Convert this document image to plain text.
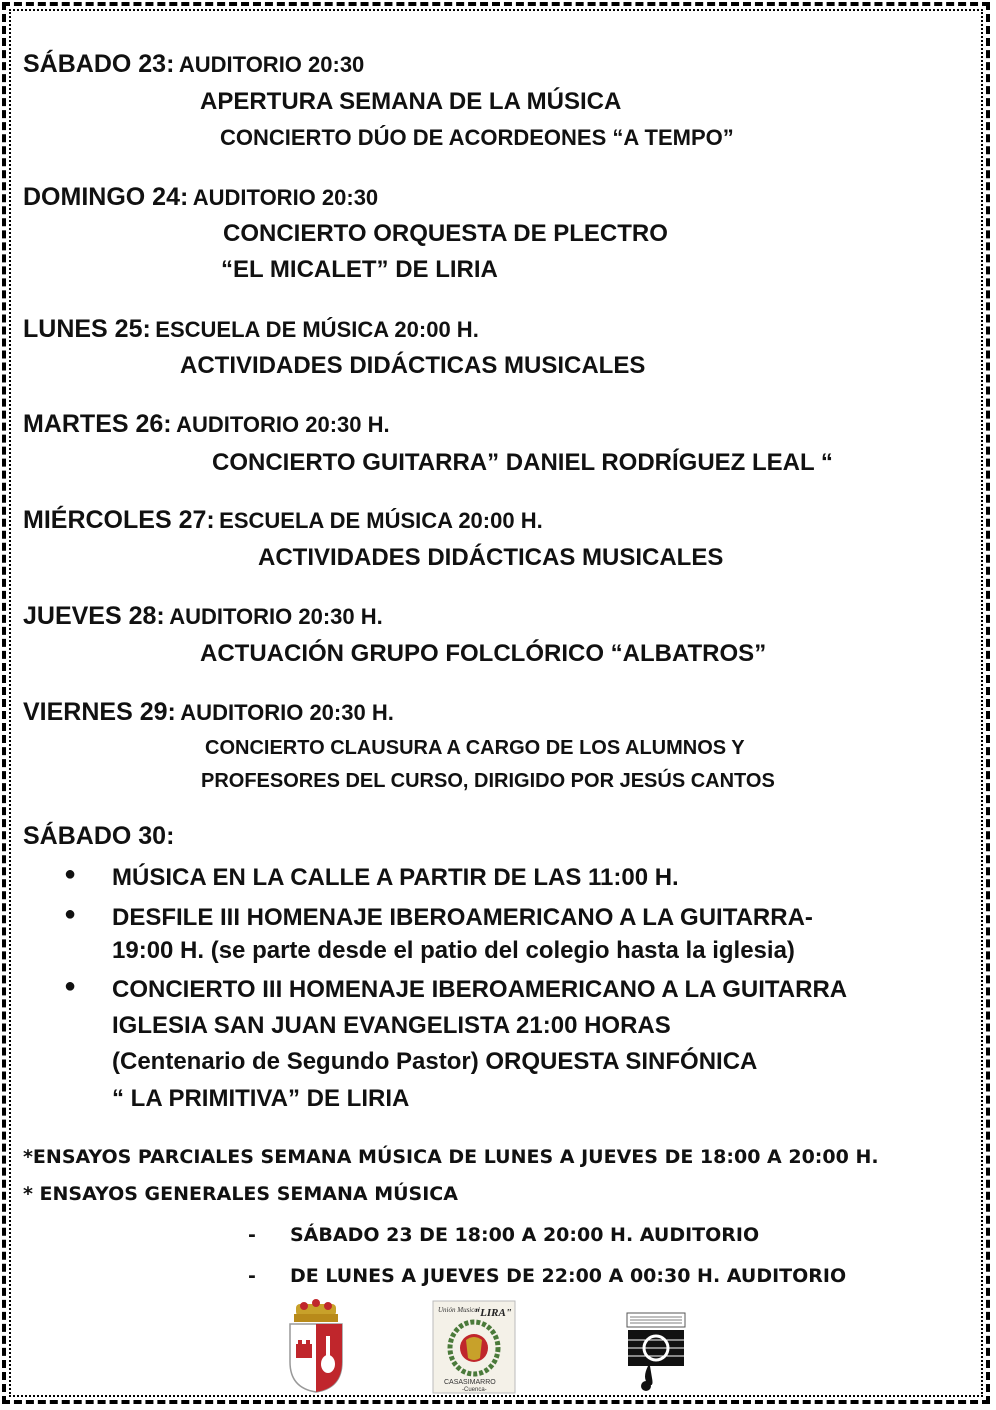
SÁBADO 23: AUDITORIO 20:30
APERTURA SEMANA DE LA MÚSICA
CONCIERTO DÚO DE ACORDEONES “A TEMPO”
DOMINGO 24: AUDITORIO 20:30
CONCIERTO ORQUESTA DE PLECTRO
“EL MICALET” DE LIRIA
LUNES 25: ESCUELA DE MÚSICA 20:00 H.
ACTIVIDADES DIDÁCTICAS MUSICALES
MARTES 26: AUDITORIO 20:30 H.
CONCIERTO GUITARRA” DANIEL RODRÍGUEZ LEAL “
MIÉRCOLES 27: ESCUELA DE MÚSICA 20:00 H.
ACTIVIDADES DIDÁCTICAS MUSICALES
JUEVES 28: AUDITORIO 20:30 H.
ACTUACIÓN GRUPO FOLCLÓRICO “ALBATROS”
VIERNES 29: AUDITORIO 20:30 H.
CONCIERTO CLAUSURA A CARGO DE LOS ALUMNOS Y
PROFESORES DEL CURSO, DIRIGIDO POR JESÚS CANTOS
SÁBADO 30:
● MÚSICA EN LA CALLE A PARTIR DE LAS 11:00 H.
● DESFILE III HOMENAJE IBEROAMERICANO A LA GUITARRA-
19:00 H. (se parte desde el patio del colegio hasta la iglesia)
● CONCIERTO III HOMENAJE IBEROAMERICANO A LA GUITARRA
IGLESIA SAN JUAN EVANGELISTA 21:00 HORAS
(Centenario de Segundo Pastor) ORQUESTA SINFÓNICA
“ LA PRIMITIVA” DE LIRIA
*ENSAYOS PARCIALES SEMANA MÚSICA DE LUNES A JUEVES DE 18:00 A 20:00 H.
* ENSAYOS GENERALES SEMANA MÚSICA
- SÁBADO 23 DE 18:00 A 20:00 H. AUDITORIO
- DE LUNES A JUEVES DE 22:00 A 00:30 H. AUDITORIO
Unión Musical
"LIRA"
CASASIMARRO
-Cuenca-
